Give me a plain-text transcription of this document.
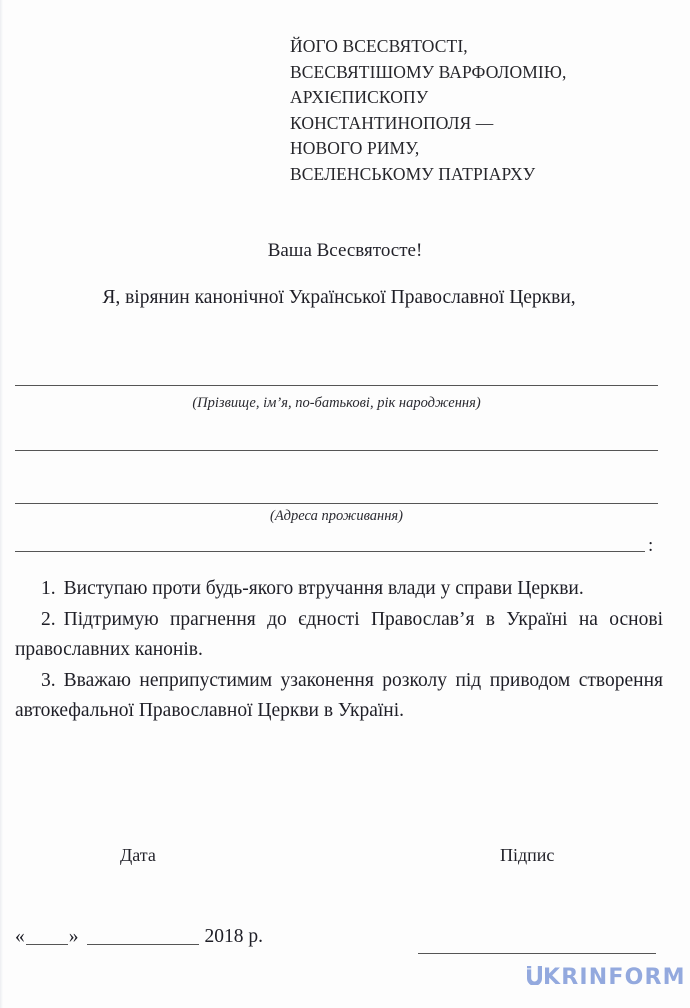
ЙОГО ВСЕСВЯТОСТІ,
ВСЕСВЯТІШОМУ ВАРФОЛОМІЮ,
АРХІЄПИСКОПУ
КОНСТАНТИНОПОЛЯ —
НОВОГО РИМУ,
ВСЕЛЕНСЬКОМУ ПАТРІАРХУ
Ваша Всесвятосте!
Я, вірянин канонічної Української Православної Церкви,
(Прізвище, ім’я, по-батькові, рік народження)
(Адреса проживання)
:

1. Виступаю проти будь-якого втручання влади у справи Церкви.

2. Підтримую прагнення до єдності Православ’я в Україні на основі православних канонів.

3. Вважаю неприпустимим узаконення розколу під приводом створення автокефальної Православної Церкви в Україні.

Дата	Підпис
« »	2018 р.
KRINFORM
